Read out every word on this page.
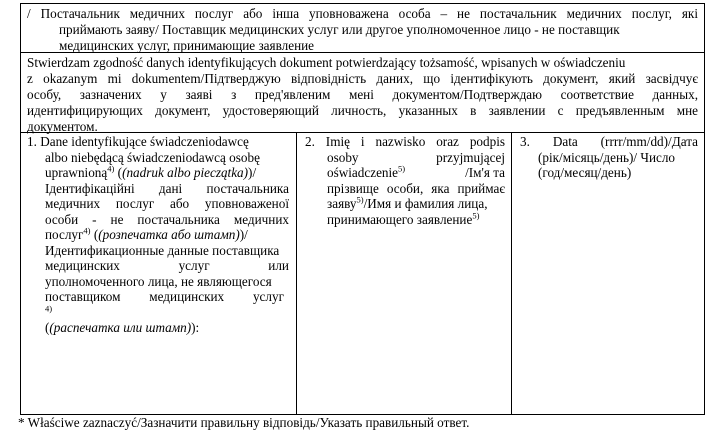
/ Постачальник медичних послуг або інша уповноважена особа – не постачальник медичних послуг, які
приймають заяву/ Поставщик медицинских услуг или другое уполномоченное лицо - не поставщик
медицинских услуг, принимающие заявление
Stwierdzam zgodność danych identyfikujących dokument potwierdzający tożsamość, wpisanych w oświadczeniu
z okazanym mi dokumentem/Підтверджую відповідність даних, що ідентифікують документ, який засвідчує
особу, зазначених у заяві з пред'явленим мені документом/Подтверждаю соответствие данных,
идентифицирующих документ, удостоверяющий личность, указанных в заявлении с предъявленным мне
документом.
1. Dane identyfikujące świadczeniodawcę
albo niebędącą świadczeniodawcą osobę
uprawnioną$^{4)}$ ((nadruk albo pieczątka))/
Ідентифікаційні дані постачальника
медичних послуг або уповноваженої
особи - не постачальника медичних
послуг$^{4)}$ ((розпечатка або штамп))/
Идентификационные данные поставщика
медицинских услуг или
уполномоченного лица, не являющегося
поставщиком медицинских услуг$^{4)}$
((распечатка или штамп)):
2. Imię i nazwisko oraz podpis
osoby przyjmującej
oświadczenie$^{5)}$	/Ім'я та
прізвище особи, яка приймає
заяву$^{5)}$/Имя и фамилия лица,
принимающего заявление$^{5)}$
3. Data (rrrr/mm/dd)/Дата
(рік/місяць/день)/ Число
(год/месяц/день)
* Właściwe zaznaczyć/Зазначити правильну відповідь/Указать правильный ответ.
